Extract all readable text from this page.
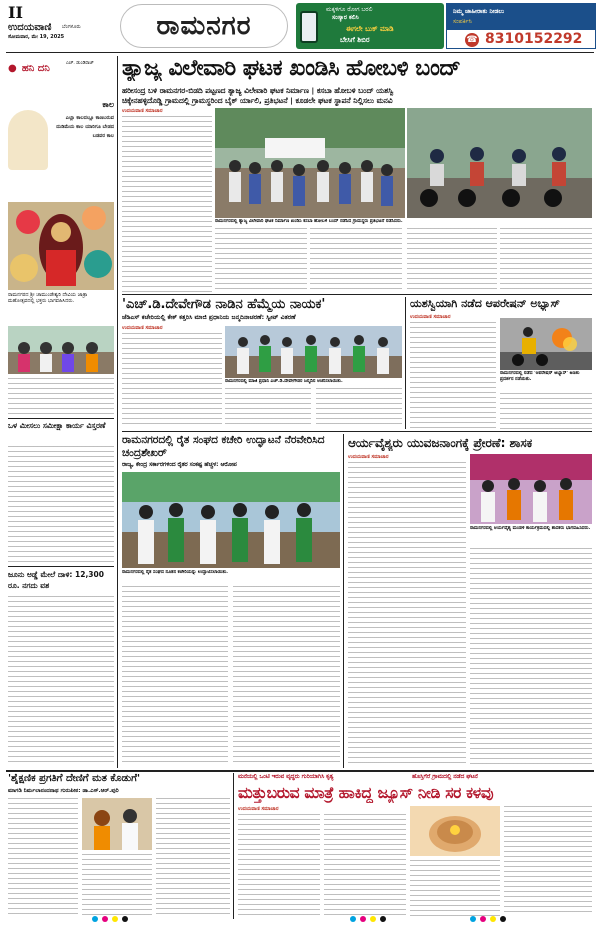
II
ಉದಯವಾಣಿ ಬೆಂಗಳೂರು
ಸೋಮವಾರ, ಮೇ 19, 2025	ರಾಮನಗರ
ಮಕ್ಕಳಿಗೂ ರೋಗ ಬರಲಿ
ಸಂಸ್ಕಾರ ಕಲಿಸಿ
ಈಗಲೇ ಬುಕ್ ಮಾಡಿ
ಬೇಸಿಗೆ ಶಿಬಿರ
ನಿಮ್ಮ ಜಾಹೀರಾತು ನೀಡಲು
ಸಂಪರ್ಕಿಸಿ
8310152292
☎
● ಹನಿ ದನಿ	ಎಚ್. ಡುಂಡಿರಾಜ್
ಕಾಲ
ಎಲ್ಲಾ ಕಾಲದಲ್ಲೂ ಕಾಣಬರುವ ದುಡಿಮೆಯ ಕಾಲ ಯಾರಿಗೂ ಬೇಡದ ಬಡವರ ಕಾಲ
ರಾಮನಗರದ ಶ್ರೀ ಚಾಮುಂಡೇಶ್ವರಿ ದೇವಿಯ ಜಾತ್ರಾ ಮಹೋತ್ಸವದಲ್ಲಿ ಭಕ್ತರು ಭಾಗವಹಿಸಿದರು.
ಒಳ ಮೀಸಲು ಸಮೀಕ್ಷಾ ಕಾರ್ಯ ವಿಸ್ತರಣೆ
ಜೂನು ಅಡ್ಡೆ ಮೇಲೆ ದಾಳಿ: 12,300 ರೂ. ನಗದು ವಶ
ತ್ಯಾಜ್ಯ ವಿಲೇವಾರಿ ಘಟಕ ಖಂಡಿಸಿ ಹೋಬಳಿ ಬಂದ್
ಹರೀಸಂದ್ರ ಬಳಿ ರಾಮನಗರ-ಬಿಡದಿ ಪಟ್ಟಣದ ತ್ಯಾಜ್ಯ ವಿಲೇವಾರಿ ಘಟಕ ನಿರ್ಮಾಣ | ಕಸಬಾ ಹೋಬಳಿ ಬಂದ್ ಯಶಸ್ವಿ
ಚಿಕ್ಕೇನಹಳ್ಳಿದೊಡ್ಡಿ ಗ್ರಾಮದಲ್ಲಿ ಗ್ರಾಮಸ್ಥರಿಂದ ಬೈಕ್ ರ್ಯಾಲಿ, ಪ್ರತಿಭಟನೆ | ಕೂಡಲೇ ಘಟಕ ಸ್ಥಾಪನೆ ನಿಲ್ಲಿಸಲು ಮನವಿ
ಉದಯವಾಣಿ ಸಮಾಚಾರ
ರಾಮನಗರದಲ್ಲಿ ತ್ಯಾಜ್ಯ ವಿಲೇವಾರಿ ಘಟಕ ನಿರ್ಮಾಣ ಖಂಡಿಸಿ ಕಸಬಾ ಹೋಬಳಿ ಬಂದ್ ನಡೆಸಿದ ಗ್ರಾಮಸ್ಥರು ಪ್ರತಿಭಟನೆ ನಡೆಸಿದರು.
'ಎಚ್.ಡಿ.ದೇವೇಗೌಡ ನಾಡಿನ ಹೆಮ್ಮೆಯ ನಾಯಕ'
ಜೆಡಿಎಸ್ ಕಚೇರಿಯಲ್ಲಿ ಕೇಕ್ ಕತ್ತರಿಸಿ ಮಾಜಿ ಪ್ರಧಾನಿಯ ಜನ್ಮದಿನಾಚರಣೆ: ಸ್ವೀಟ್ ವಿತರಣೆ
ಉದಯವಾಣಿ ಸಮಾಚಾರ
ರಾಮನಗರದಲ್ಲಿ ಮಾಜಿ ಪ್ರಧಾನಿ ಎಚ್.ಡಿ.ದೇವೇಗೌಡರ ಜನ್ಮದಿನ ಆಚರಿಸಲಾಯಿತು.
ಯಶಸ್ವಿಯಾಗಿ ನಡೆದ ಆಪರೇಷನ್ ಅಭ್ಯಾಸ್
ಉದಯವಾಣಿ ಸಮಾಚಾರ
ರಾಮನಗರದಲ್ಲಿ ನಡೆದ 'ಆಪರೇಷನ್ ಅಭ್ಯಾಸ್' ಅಣಕು ಪ್ರದರ್ಶನ ನಡೆಯಿತು.
ರಾಮನಗರದಲ್ಲಿ ರೈತ ಸಂಘದ ಕಚೇರಿ ಉದ್ಘಾಟನೆ ನೆರವೇರಿಸಿದ ಚಂದ್ರಶೇಖರ್
ರಾಜ್ಯ, ಕೇಂದ್ರ ಸರ್ಕಾರಗಳಿಂದ ರೈತರ ಸಂಕಷ್ಟ ಹೆಚ್ಚಳ: ಆರೋಪ
ರಾಮನಗರದಲ್ಲಿ ರೈತ ಸಂಘದ ನೂತನ ಕಚೇರಿಯನ್ನು ಉದ್ಘಾಟಿಸಲಾಯಿತು.
ಆರ್ಯವೈಶ್ಯರು ಯುವಜನಾಂಗಕ್ಕೆ ಪ್ರೇರಣೆ: ಶಾಸಕ
ಉದಯವಾಣಿ ಸಮಾಚಾರ
ರಾಮನಗರದಲ್ಲಿ ಆರ್ಯವೈಶ್ಯ ಮಂಡಳಿ ಕಾರ್ಯಕ್ರಮದಲ್ಲಿ ಶಾಸಕರು ಭಾಗವಹಿಸಿದರು.
'ಶೈಕ್ಷಣಿಕ ಪ್ರಗತಿಗೆ ದೇಣಿಗೆ ಮತ ಕೊಡುಗೆ'
ಮಾಗಡಿ ನಿರ್ಮಲಾನಂದನಾಥ ಗುರುಪೀಠ: ಡಾ.ಎಸ್.ಆರ್.ಪುರಿ
ಮನೆಯಲ್ಲಿ ಒಂಟಿ ಇರುವ ವೃದ್ಧರು ಗುರಿಯಾಗಿಸಿ ಕೃತ್ಯ	ಹೊಸ್ತಿಗೆರೆ ಗ್ರಾಮದಲ್ಲಿ ನಡೆದ ಘಟನೆ
ಮತ್ತುಬರುವ ಮಾತ್ರೆ ಹಾಕಿದ್ದ ಜ್ಯೂಸ್ ನೀಡಿ ಸರ ಕಳವು
ಉದಯವಾಣಿ ಸಮಾಚಾರ
